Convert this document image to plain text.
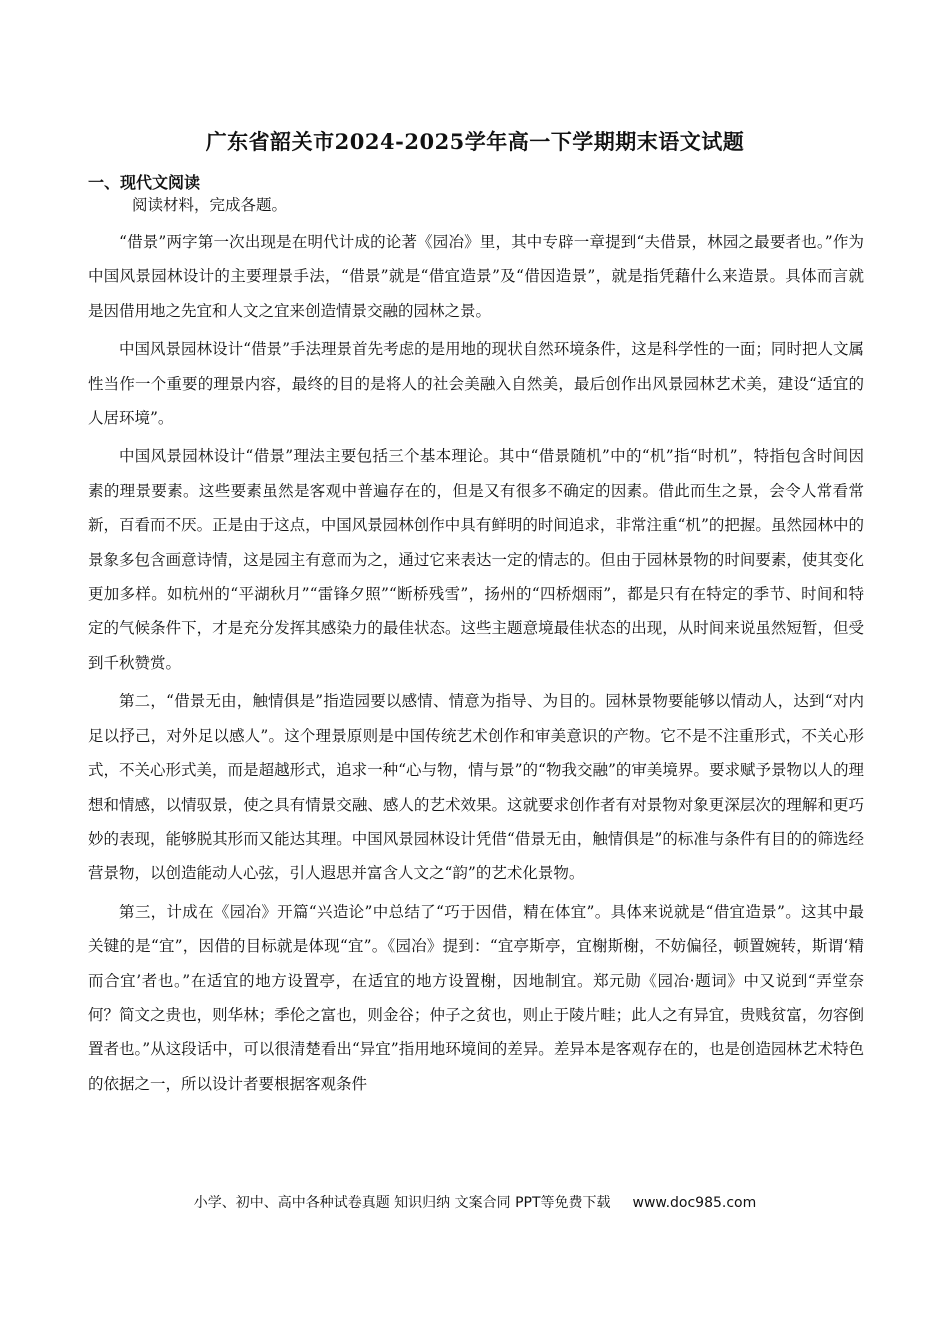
广东省韶关市2024-2025学年高一下学期期末语文试题
一、现代文阅读
阅读材料，完成各题。

“借景”两字第一次出现是在明代计成的论著《园冶》里，其中专辟一章提到“夫借景，林园之最要者也。”作为中国风景园林设计的主要理景手法，“借景”就是“借宜造景”及“借因造景”，就是指凭藉什么来造景。具体而言就是因借用地之先宜和人文之宜来创造情景交融的园林之景。

中国风景园林设计“借景”手法理景首先考虑的是用地的现状自然环境条件，这是科学性的一面；同时把人文属性当作一个重要的理景内容，最终的目的是将人的社会美融入自然美，最后创作出风景园林艺术美，建设“适宜的人居环境”。

中国风景园林设计“借景”理法主要包括三个基本理论。其中“借景随机”中的“机”指“时机”，特指包含时间因素的理景要素。这些要素虽然是客观中普遍存在的，但是又有很多不确定的因素。借此而生之景，会令人常看常新，百看而不厌。正是由于这点，中国风景园林创作中具有鲜明的时间追求，非常注重“机”的把握。虽然园林中的景象多包含画意诗情，这是园主有意而为之，通过它来表达一定的情志的。但由于园林景物的时间要素，使其变化更加多样。如杭州的“平湖秋月”“雷锋夕照”“断桥残雪”，扬州的“四桥烟雨”，都是只有在特定的季节、时间和特定的气候条件下，才是充分发挥其感染力的最佳状态。这些主题意境最佳状态的出现，从时间来说虽然短暂，但受到千秋赞赏。

第二，“借景无由，触情俱是”指造园要以感情、情意为指导、为目的。园林景物要能够以情动人，达到“对内足以抒己，对外足以感人”。这个理景原则是中国传统艺术创作和审美意识的产物。它不是不注重形式，不关心形式，不关心形式美，而是超越形式，追求一种“心与物，情与景”的“物我交融”的审美境界。要求赋予景物以人的理想和情感，以情驭景，使之具有情景交融、感人的艺术效果。这就要求创作者有对景物对象更深层次的理解和更巧妙的表现，能够脱其形而又能达其理。中国风景园林设计凭借“借景无由，触情俱是”的标准与条件有目的的筛选经营景物，以创造能动人心弦，引人遐思并富含人文之“韵”的艺术化景物。

第三，计成在《园冶》开篇“兴造论”中总结了“巧于因借，精在体宜”。具体来说就是“借宜造景”。这其中最关键的是“宜”，因借的目标就是体现“宜”。《园冶》提到：“宜亭斯亭，宜榭斯榭，不妨偏径，顿置婉转，斯谓‘精而合宜’者也。”在适宜的地方设置亭，在适宜的地方设置榭，因地制宜。郑元勋《园冶·题词》中又说到“弄堂奈何？简文之贵也，则华林；季伦之富也，则金谷；仲子之贫也，则止于陵片畦；此人之有异宜，贵贱贫富，勿容倒置者也。”从这段话中，可以很清楚看出“异宜”指用地环境间的差异。差异本是客观存在的，也是创造园林艺术特色的依据之一，所以设计者要根据客观条件

小学、初中、高中各种试卷真题 知识归纳 文案合同 PPT等免费下载 www.doc985.com
